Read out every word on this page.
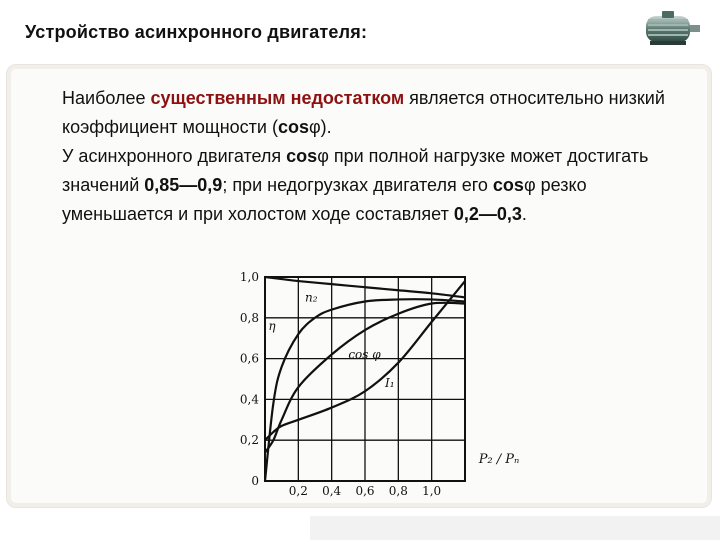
Устройство асинхронного двигателя:
Наиболее существенным недостатком является относительно низкий коэффициент мощности (cosφ).
У асинхронного двигателя cosφ при полной нагрузке может достигать значений 0,85—0,9; при недогрузках двигателя его cosφ резко уменьшается и при холостом ходе составляет 0,2—0,3.
0
0,2
0,4
0,6
0,8
1,0
0,2 0,4 0,6 0,8 1,0
P₂ / Pₙ
n₂
η
cos φ
I₁
